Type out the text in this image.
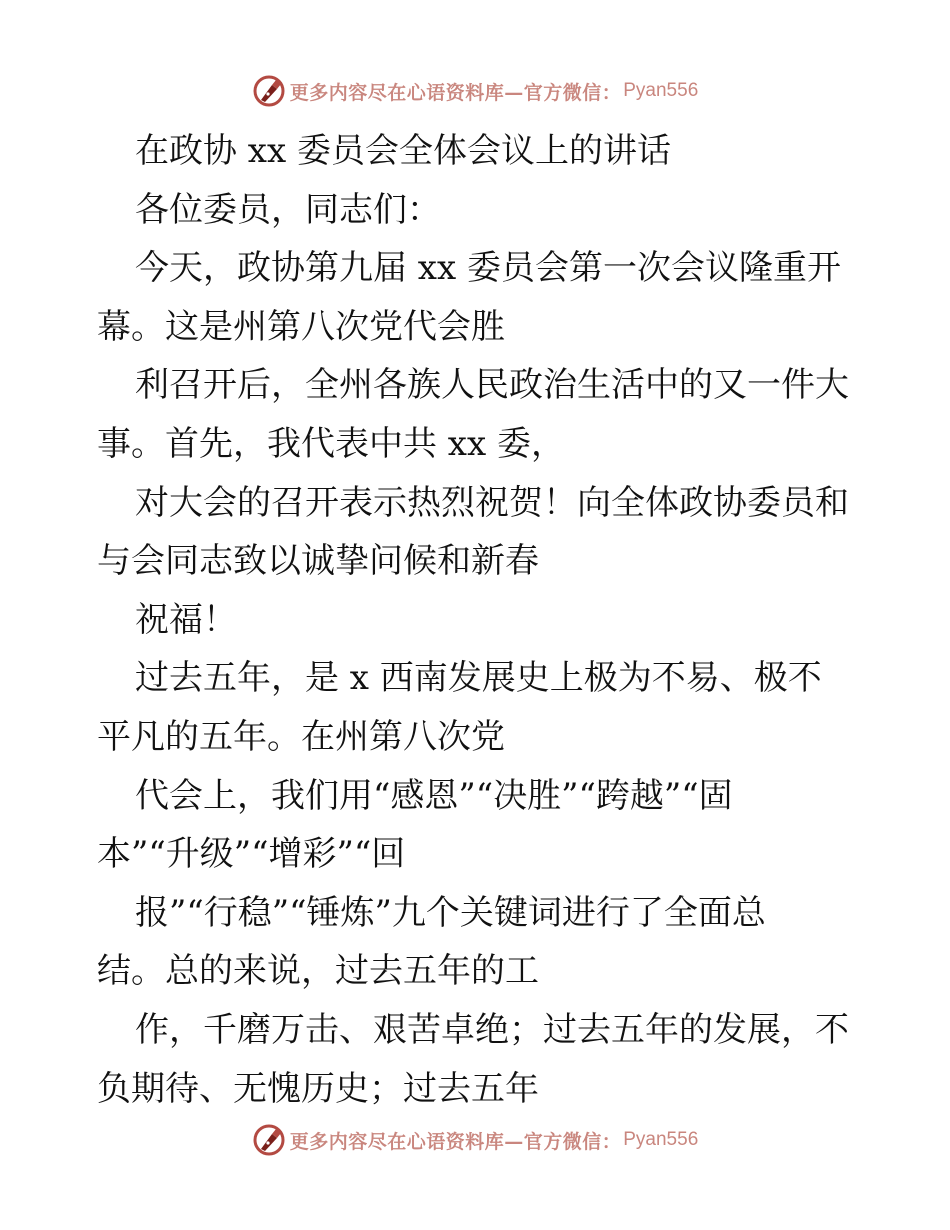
更多内容尽在心语资料库—官方微信： Pyan556
在政协 xx 委员会全体会议上的讲话
各位委员，同志们：
今天，政协第九届 xx 委员会第一次会议隆重开
幕。这是州第八次党代会胜
利召开后，全州各族人民政治生活中的又一件大
事。首先，我代表中共 xx 委，
对大会的召开表示热烈祝贺！向全体政协委员和
与会同志致以诚挚问候和新春
祝福！
过去五年，是 x 西南发展史上极为不易、极不
平凡的五年。在州第八次党
代会上，我们用“感恩”“决胜”“跨越”“固
本”“升级”“增彩”“回
报”“行稳”“锤炼”九个关键词进行了全面总
结。总的来说，过去五年的工
作，千磨万击、艰苦卓绝；过去五年的发展，不
负期待、无愧历史；过去五年
更多内容尽在心语资料库—官方微信： Pyan556
